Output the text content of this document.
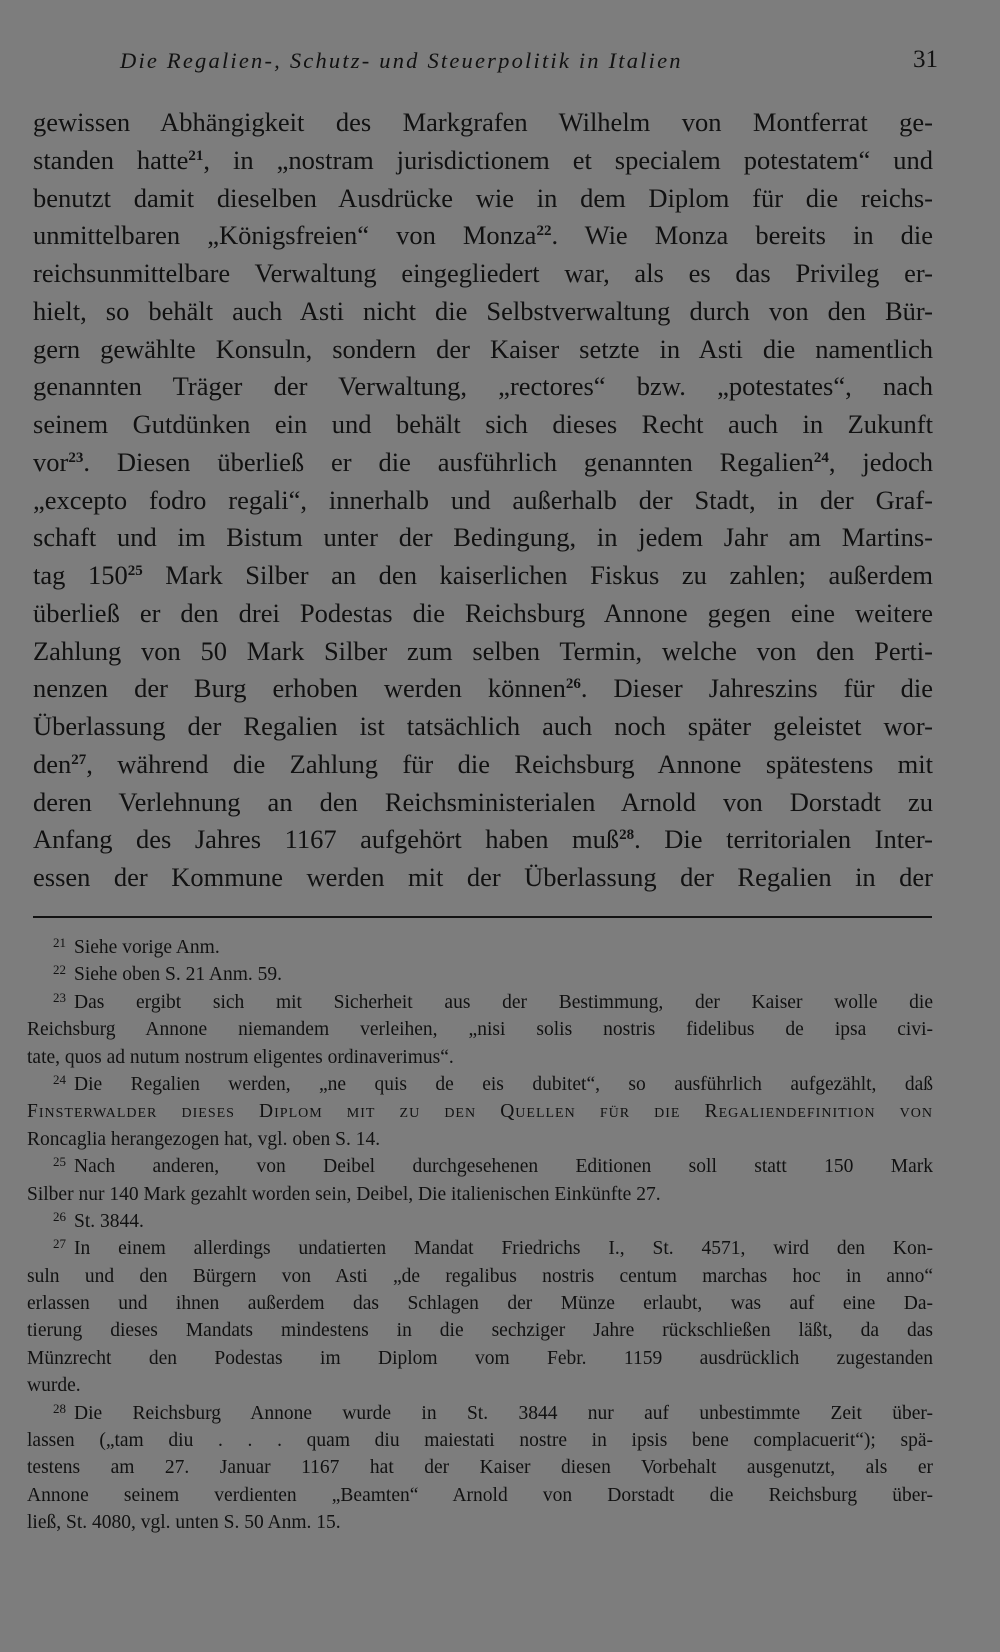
Die Regalien-, Schutz- und Steuerpolitik in Italien	31
gewissen Abhängigkeit des Markgrafen Wilhelm von Montferrat ge-
standen hatte$^{21}$, in „nostram jurisdictionem et specialem potestatem“ und
benutzt damit dieselben Ausdrücke wie in dem Diplom für die reichs-
unmittelbaren „Königsfreien“ von Monza$^{22}$. Wie Monza bereits in die
reichsunmittelbare Verwaltung eingegliedert war, als es das Privileg er-
hielt, so behält auch Asti nicht die Selbstverwaltung durch von den Bür-
gern gewählte Konsuln, sondern der Kaiser setzte in Asti die namentlich
genannten Träger der Verwaltung, „rectores“ bzw. „potestates“, nach
seinem Gutdünken ein und behält sich dieses Recht auch in Zukunft
vor$^{23}$. Diesen überließ er die ausführlich genannten Regalien$^{24}$, jedoch
„excepto fodro regali“, innerhalb und außerhalb der Stadt, in der Graf-
schaft und im Bistum unter der Bedingung, in jedem Jahr am Martins-
tag $150^{25}$ Mark Silber an den kaiserlichen Fiskus zu zahlen; außerdem
überließ er den drei Podestas die Reichsburg Annone gegen eine weitere
Zahlung von 50 Mark Silber zum selben Termin, welche von den Perti-
nenzen der Burg erhoben werden können$^{26}$. Dieser Jahreszins für die
Überlassung der Regalien ist tatsächlich auch noch später geleistet wor-
den$^{27}$, während die Zahlung für die Reichsburg Annone spätestens mit
deren Verlehnung an den Reichsministerialen Arnold von Dorstadt zu
Anfang des Jahres 1167 aufgehört haben muß$^{28}$. Die territorialen Inter-
essen der Kommune werden mit der Überlassung der Regalien in der
$^{21}$ Siehe vorige Anm.
$^{22}$ Siehe oben S. 21 Anm. 59.
$^{23}$ Das ergibt sich mit Sicherheit aus der Bestimmung, der Kaiser wolle die
Reichsburg Annone niemandem verleihen, „nisi solis nostris fidelibus de ipsa civi-
tate, quos ad nutum nostrum eligentes ordinaverimus“.
$^{24}$ Die Regalien werden, „ne quis de eis dubitet“, so ausführlich aufgezählt, daß
Finsterwalder dieses Diplom mit zu den Quellen für die Regaliendefinition von
Roncaglia herangezogen hat, vgl. oben S. 14.
$^{25}$ Nach anderen, von Deibel durchgesehenen Editionen soll statt 150 Mark
Silber nur 140 Mark gezahlt worden sein, Deibel, Die italienischen Einkünfte 27.
$^{26}$ St. 3844.
$^{27}$ In einem allerdings undatierten Mandat Friedrichs I., St. 4571, wird den Kon-
suln und den Bürgern von Asti „de regalibus nostris centum marchas hoc in anno“
erlassen und ihnen außerdem das Schlagen der Münze erlaubt, was auf eine Da-
tierung dieses Mandats mindestens in die sechziger Jahre rückschließen läßt, da das
Münzrecht den Podestas im Diplom vom Febr. 1159 ausdrücklich zugestanden
wurde.
$^{28}$ Die Reichsburg Annone wurde in St. 3844 nur auf unbestimmte Zeit über-
lassen („tam diu . . . quam diu maiestati nostre in ipsis bene complacuerit“); spä-
testens am 27. Januar 1167 hat der Kaiser diesen Vorbehalt ausgenutzt, als er
Annone seinem verdienten „Beamten“ Arnold von Dorstadt die Reichsburg über-
ließ, St. 4080, vgl. unten S. 50 Anm. 15.
